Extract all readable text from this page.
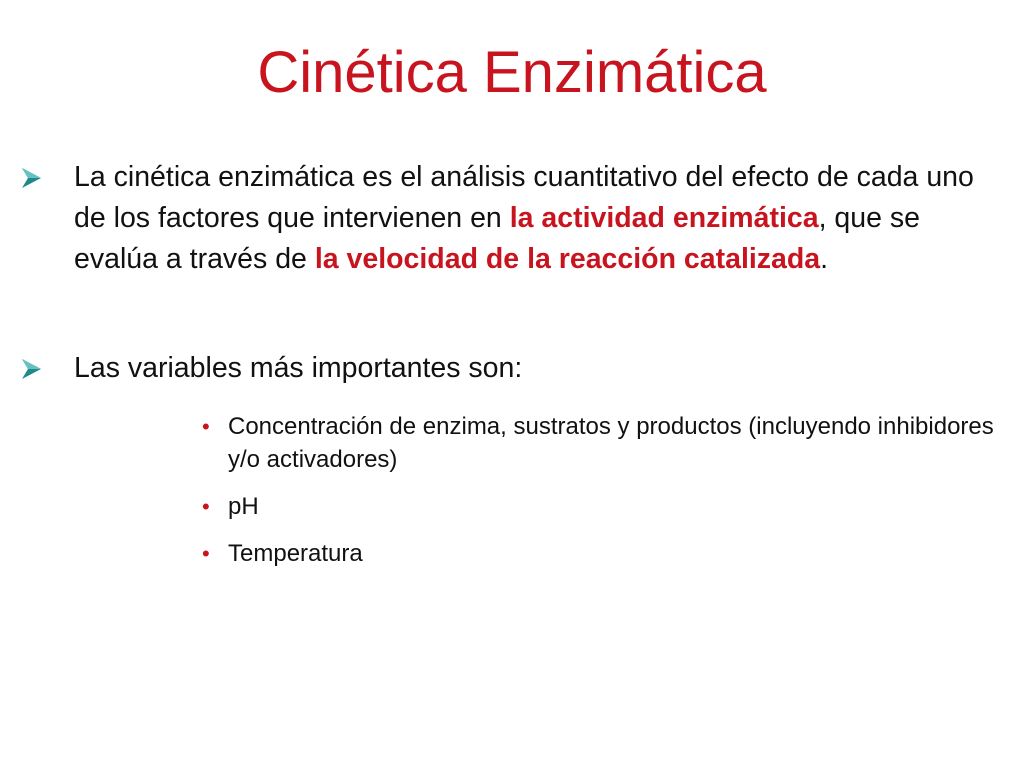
Cinética Enzimática
La cinética enzimática es el análisis cuantitativo del efecto de cada uno de los factores que intervienen en la actividad enzimática, que se evalúa a través de la velocidad de la reacción catalizada.
Las variables más importantes son:
• Concentración de enzima, sustratos y productos (incluyendo inhibidores y/o activadores)
• pH
• Temperatura
